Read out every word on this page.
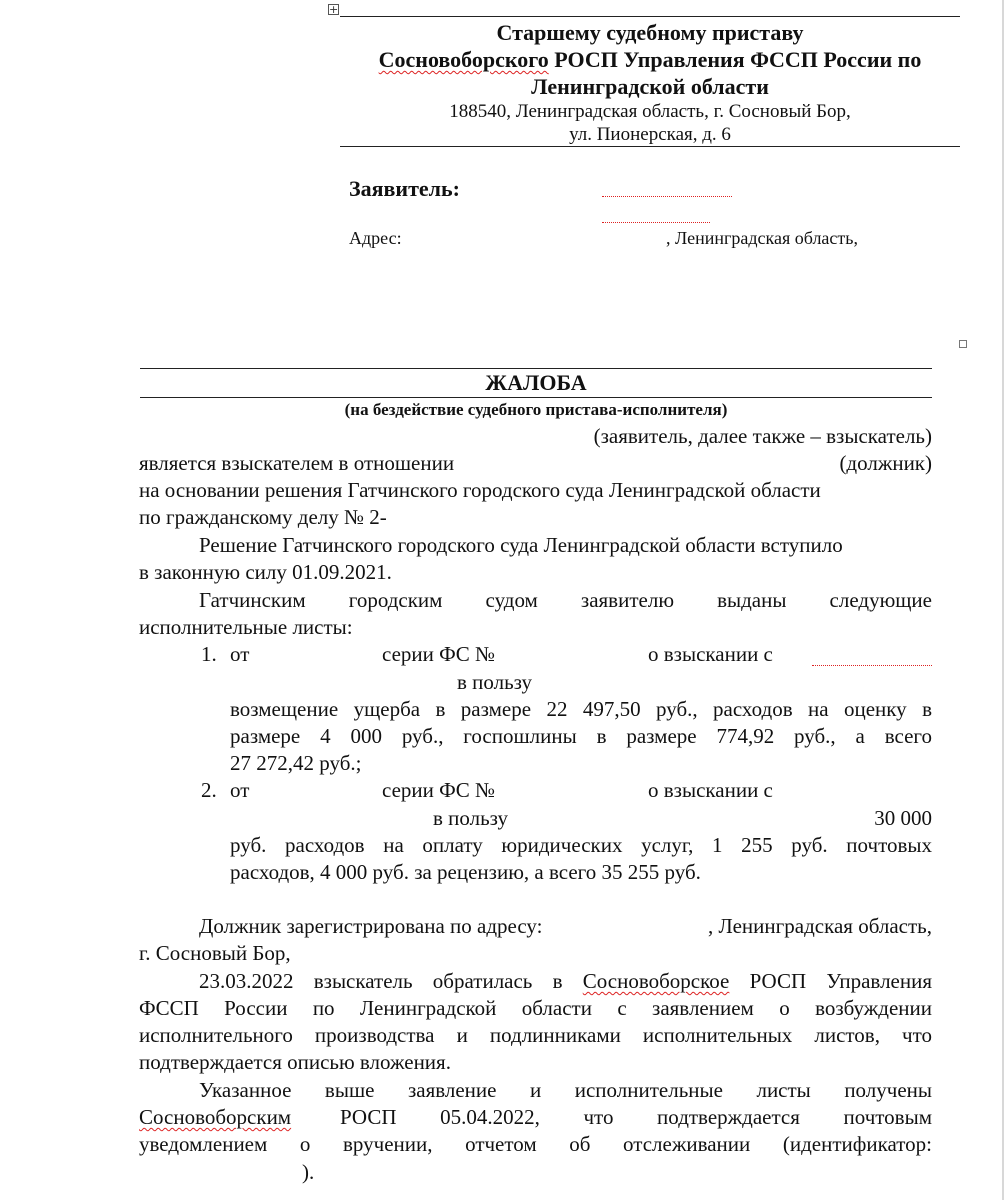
+
Старшему судебному приставу
Сосновоборского РОСП Управления ФССП России по
Ленинградской области
188540, Ленинградская область, г. Сосновый Бор,
ул. Пионерская, д. 6
Заявитель:
Адрес:	, Ленинградская область,
ЖАЛОБА
(на бездействие судебного пристава-исполнителя)
(заявитель, далее также – взыскатель)
является взыскателем в отношении	(должник)
на основании решения Гатчинского городского суда Ленинградской области
по гражданскому делу № 2-
Решение Гатчинского городского суда Ленинградской области вступило
в законную силу 01.09.2021.
Гатчинским городским судом заявителю выданы следующие
исполнительные листы:
1. от	серии ФС №	о взыскании с
в пользу
возмещение ущерба в размере 22 497,50 руб., расходов на оценку в
размере 4 000 руб., госпошлины в размере 774,92 руб., а всего
27 272,42 руб.;
2. от	серии ФС №	о взыскании с
в пользу	30 000
руб. расходов на оплату юридических услуг, 1 255 руб. почтовых
расходов, 4 000 руб. за рецензию, а всего 35 255 руб.
Должник зарегистрирована по адресу:	, Ленинградская область,
г. Сосновый Бор,
23.03.2022 взыскатель обратилась в Сосновоборское РОСП Управления
ФССП России по Ленинградской области с заявлением о возбуждении
исполнительного производства и подлинниками исполнительных листов, что
подтверждается описью вложения.
Указанное выше заявление и исполнительные листы получены
Сосновоборским РОСП 05.04.2022, что подтверждается почтовым
уведомлением о вручении, отчетом об отслеживании (идентификатор:
).
